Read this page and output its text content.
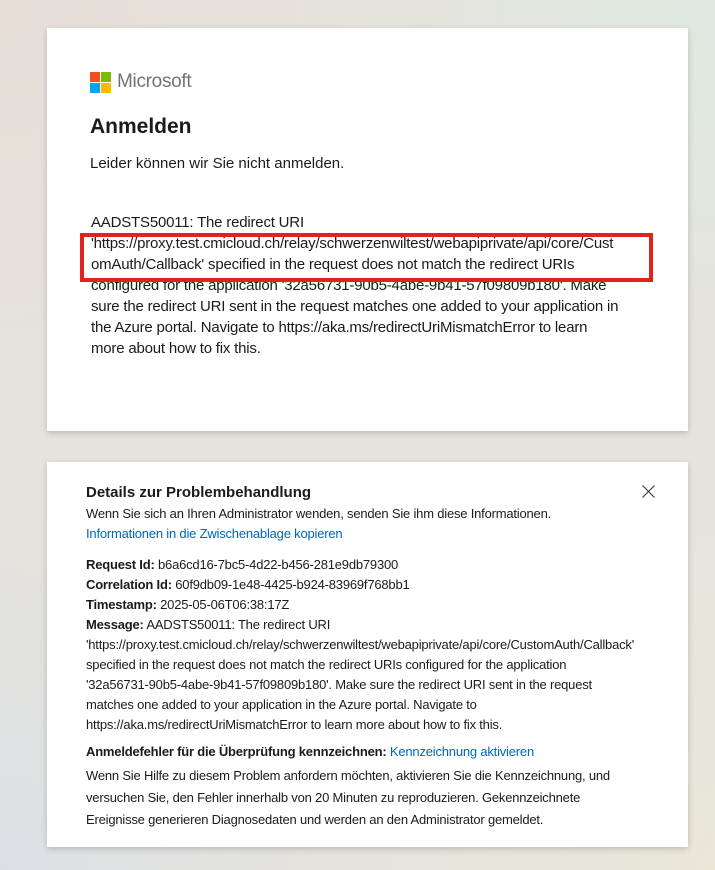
Microsoft
Anmelden

Leider können wir Sie nicht anmelden.

AADSTS50011: The redirect URI
'https://proxy.test.cmicloud.ch/relay/schwerzenwiltest/webapiprivate/api/core/Cust
omAuth/Callback' specified in the request does not match the redirect URIs
configured for the application '32a56731-90b5-4abe-9b41-57f09809b180'. Make
sure the redirect URI sent in the request matches one added to your application in
the Azure portal. Navigate to https://aka.ms/redirectUriMismatchError to learn
more about how to fix this.
Details zur Problembehandlung

Wenn Sie sich an Ihren Administrator wenden, senden Sie ihm diese Informationen.

Informationen in die Zwischenablage kopieren
Request Id: b6a6cd16-7bc5-4d22-b456-281e9db79300
Correlation Id: 60f9db09-1e48-4425-b924-83969f768bb1
Timestamp: 2025-05-06T06:38:17Z
Message: AADSTS50011: The redirect URI
'https://proxy.test.cmicloud.ch/relay/schwerzenwiltest/webapiprivate/api/core/CustomAuth/Callback'
specified in the request does not match the redirect URIs configured for the application
'32a56731-90b5-4abe-9b41-57f09809b180'. Make sure the redirect URI sent in the request
matches one added to your application in the Azure portal. Navigate to
https://aka.ms/redirectUriMismatchError to learn more about how to fix this.
Anmeldefehler für die Überprüfung kennzeichnen: Kennzeichnung aktivieren
Wenn Sie Hilfe zu diesem Problem anfordern möchten, aktivieren Sie die Kennzeichnung, und
versuchen Sie, den Fehler innerhalb von 20 Minuten zu reproduzieren. Gekennzeichnete
Ereignisse generieren Diagnosedaten und werden an den Administrator gemeldet.
